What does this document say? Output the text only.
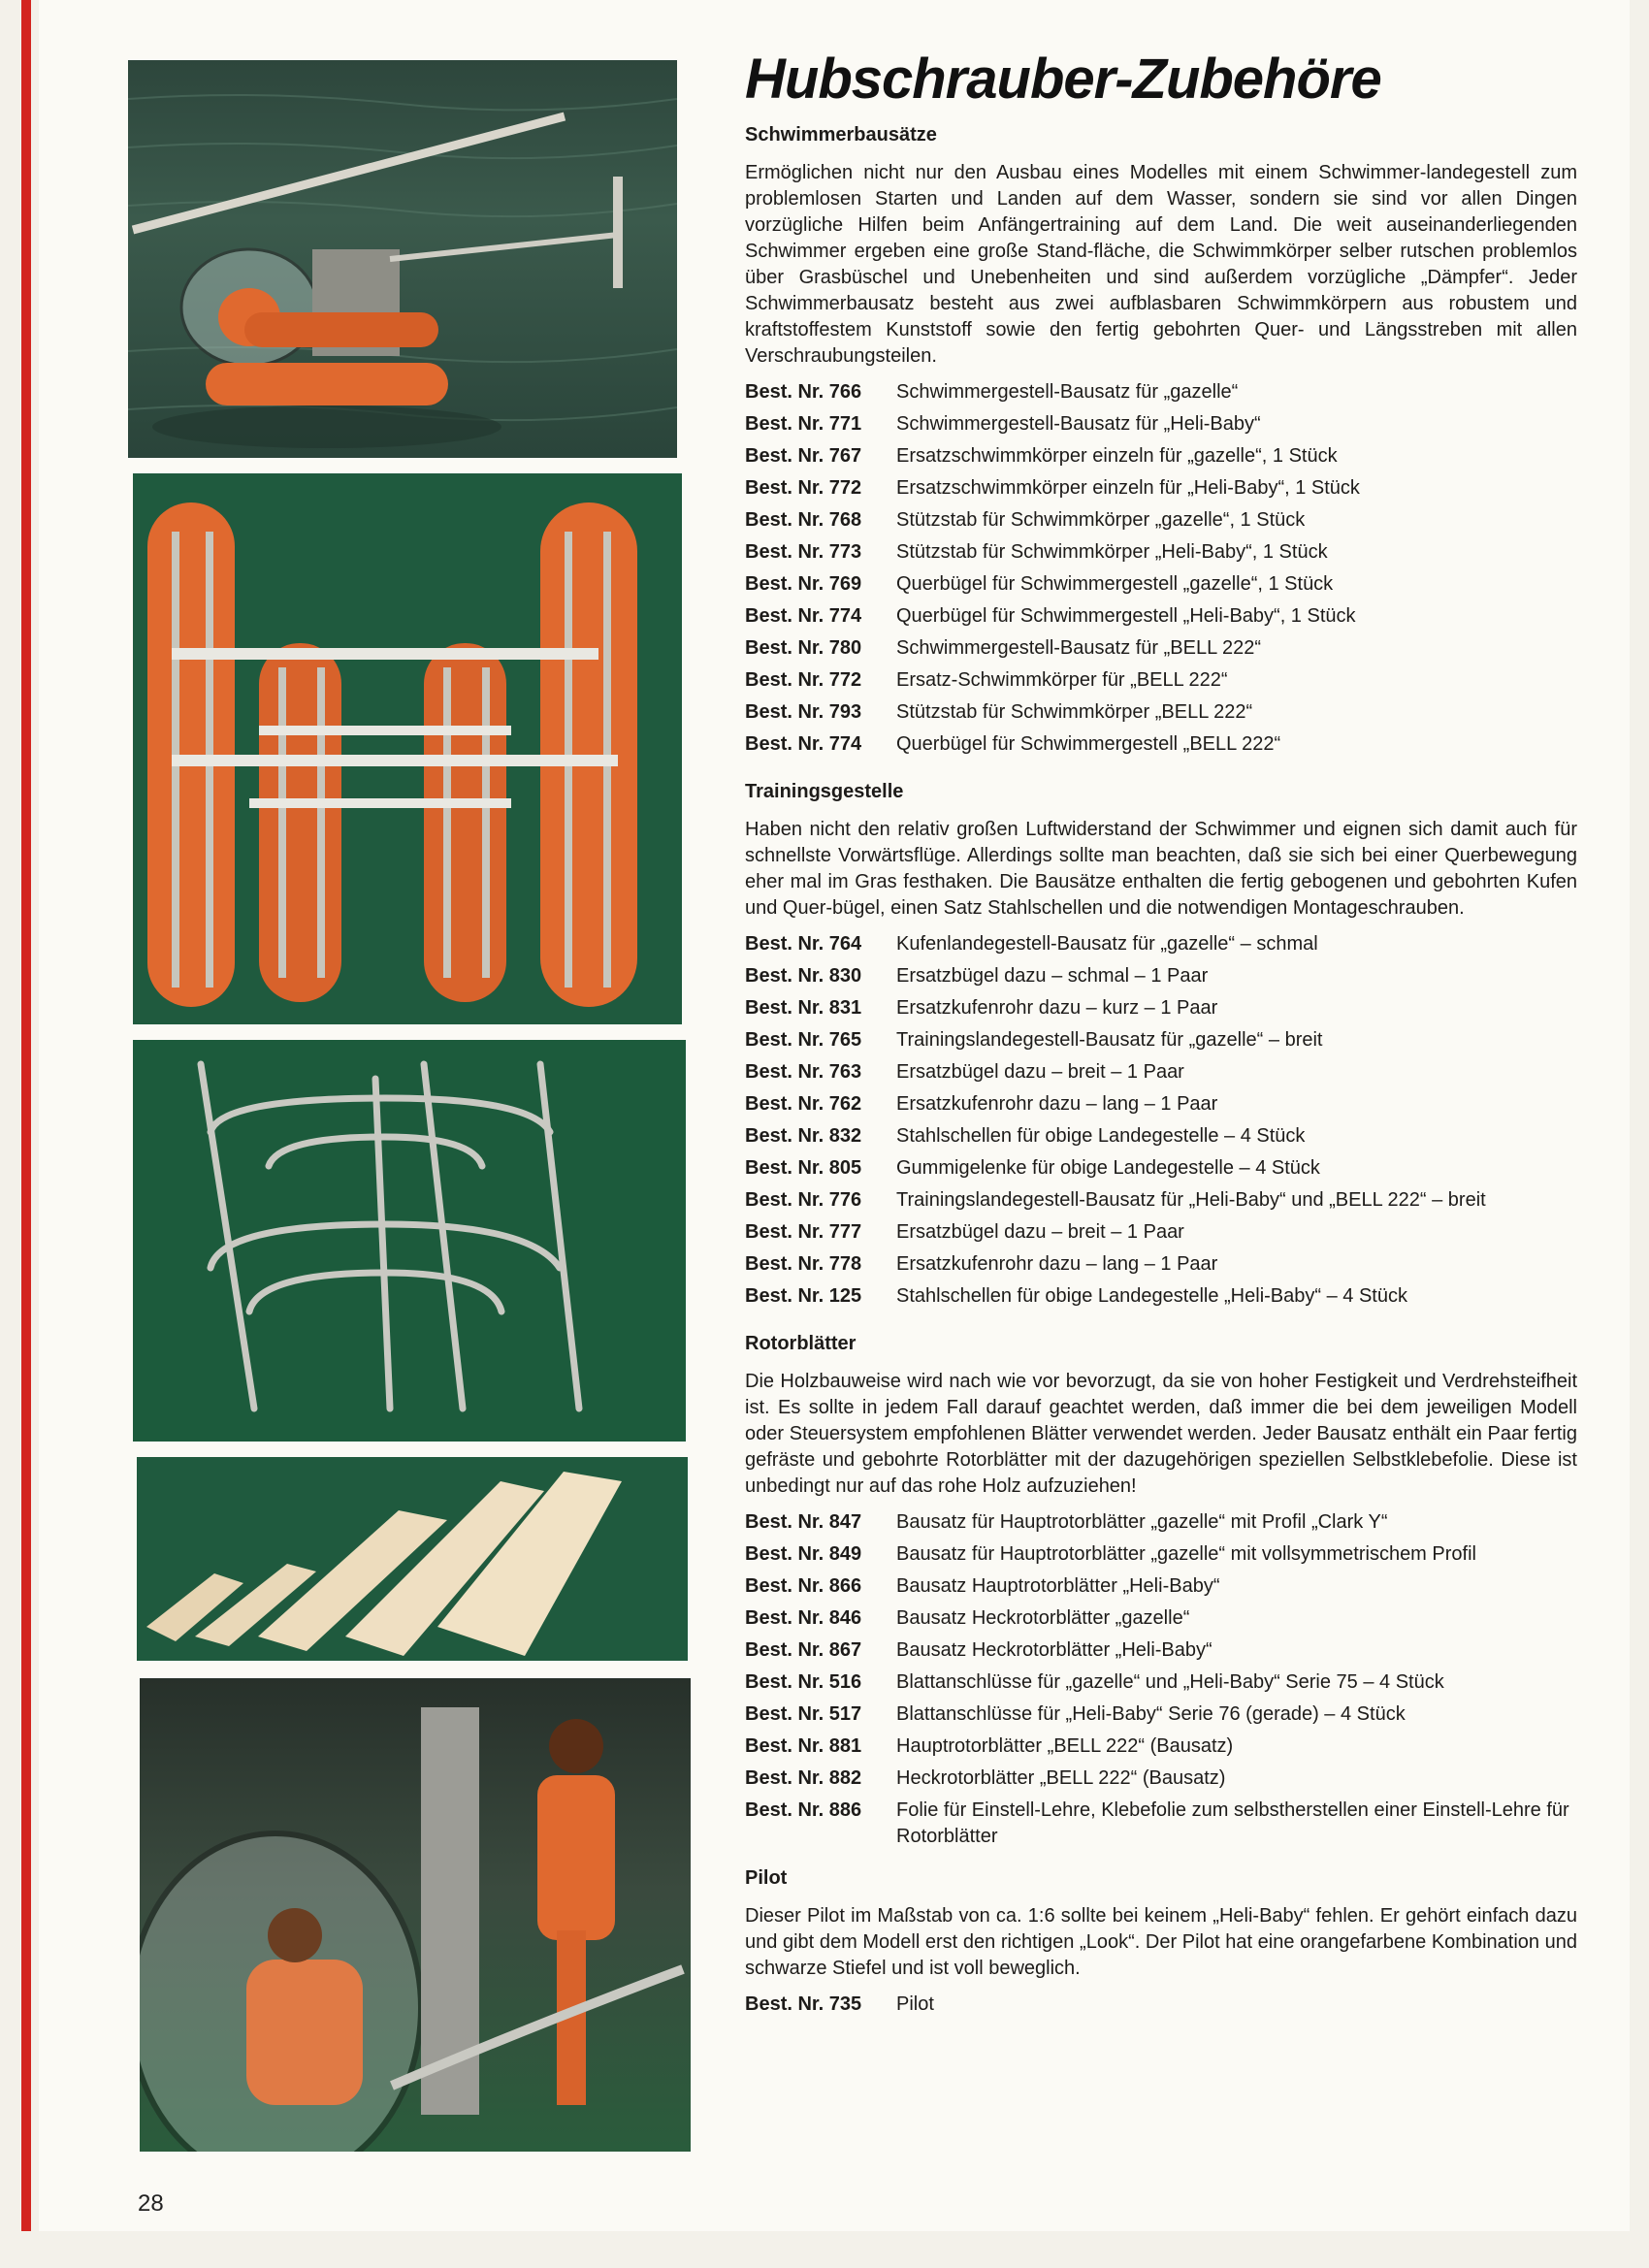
Hubschrauber-Zubehöre
Schwimmerbausätze

Ermöglichen nicht nur den Ausbau eines Modelles mit einem Schwimmer-landegestell zum problemlosen Starten und Landen auf dem Wasser, sondern sie sind vor allen Dingen vorzügliche Hilfen beim Anfängertraining auf dem Land. Die weit auseinanderliegenden Schwimmer ergeben eine große Stand-fläche, die Schwimmkörper selber rutschen problemlos über Grasbüschel und Unebenheiten und sind außerdem vorzügliche „Dämpfer“. Jeder Schwimmerbausatz besteht aus zwei aufblasbaren Schwimmkörpern aus robustem und kraftstoffestem Kunststoff sowie den fertig gebohrten Quer- und Längsstreben mit allen Verschraubungsteilen.

Best. Nr. 766	Schwimmergestell-Bausatz für „gazelle“
Best. Nr. 771	Schwimmergestell-Bausatz für „Heli-Baby“
Best. Nr. 767	Ersatzschwimmkörper einzeln für „gazelle“, 1 Stück
Best. Nr. 772	Ersatzschwimmkörper einzeln für „Heli-Baby“, 1 Stück
Best. Nr. 768	Stützstab für Schwimmkörper „gazelle“, 1 Stück
Best. Nr. 773	Stützstab für Schwimmkörper „Heli-Baby“, 1 Stück
Best. Nr. 769	Querbügel für Schwimmergestell „gazelle“, 1 Stück
Best. Nr. 774	Querbügel für Schwimmergestell „Heli-Baby“, 1 Stück
Best. Nr. 780	Schwimmergestell-Bausatz für „BELL 222“
Best. Nr. 772	Ersatz-Schwimmkörper für „BELL 222“
Best. Nr. 793	Stützstab für Schwimmkörper „BELL 222“
Best. Nr. 774	Querbügel für Schwimmergestell „BELL 222“
Trainingsgestelle

Haben nicht den relativ großen Luftwiderstand der Schwimmer und eignen sich damit auch für schnellste Vorwärtsflüge. Allerdings sollte man beachten, daß sie sich bei einer Querbewegung eher mal im Gras festhaken. Die Bausätze enthalten die fertig gebogenen und gebohrten Kufen und Quer-bügel, einen Satz Stahlschellen und die notwendigen Montageschrauben.

Best. Nr. 764	Kufenlandegestell-Bausatz für „gazelle“ – schmal
Best. Nr. 830	Ersatzbügel dazu – schmal – 1 Paar
Best. Nr. 831	Ersatzkufenrohr dazu – kurz – 1 Paar
Best. Nr. 765	Trainingslandegestell-Bausatz für „gazelle“ – breit
Best. Nr. 763	Ersatzbügel dazu – breit – 1 Paar
Best. Nr. 762	Ersatzkufenrohr dazu – lang – 1 Paar
Best. Nr. 832	Stahlschellen für obige Landegestelle – 4 Stück
Best. Nr. 805	Gummigelenke für obige Landegestelle – 4 Stück
Best. Nr. 776	Trainingslandegestell-Bausatz für „Heli-Baby“ und „BELL 222“ – breit
Best. Nr. 777	Ersatzbügel dazu – breit – 1 Paar
Best. Nr. 778	Ersatzkufenrohr dazu – lang – 1 Paar
Best. Nr. 125	Stahlschellen für obige Landegestelle „Heli-Baby“ – 4 Stück
Rotorblätter

Die Holzbauweise wird nach wie vor bevorzugt, da sie von hoher Festigkeit und Verdrehsteifheit ist. Es sollte in jedem Fall darauf geachtet werden, daß immer die bei dem jeweiligen Modell oder Steuersystem empfohlenen Blätter verwendet werden. Jeder Bausatz enthält ein Paar fertig gefräste und gebohrte Rotorblätter mit der dazugehörigen speziellen Selbstklebefolie. Diese ist unbedingt nur auf das rohe Holz aufzuziehen!

Best. Nr. 847	Bausatz für Hauptrotorblätter „gazelle“ mit Profil „Clark Y“
Best. Nr. 849	Bausatz für Hauptrotorblätter „gazelle“ mit vollsymmetrischem Profil
Best. Nr. 866	Bausatz Hauptrotorblätter „Heli-Baby“
Best. Nr. 846	Bausatz Heckrotorblätter „gazelle“
Best. Nr. 867	Bausatz Heckrotorblätter „Heli-Baby“
Best. Nr. 516	Blattanschlüsse für „gazelle“ und „Heli-Baby“ Serie 75 – 4 Stück
Best. Nr. 517	Blattanschlüsse für „Heli-Baby“ Serie 76 (gerade) – 4 Stück
Best. Nr. 881	Hauptrotorblätter „BELL 222“ (Bausatz)
Best. Nr. 882	Heckrotorblätter „BELL 222“ (Bausatz)
Best. Nr. 886	Folie für Einstell-Lehre, Klebefolie zum selbstherstellen einer Einstell-Lehre für Rotorblätter
Pilot

Dieser Pilot im Maßstab von ca. 1:6 sollte bei keinem „Heli-Baby“ fehlen. Er gehört einfach dazu und gibt dem Modell erst den richtigen „Look“. Der Pilot hat eine orangefarbene Kombination und schwarze Stiefel und ist voll beweglich.

Best. Nr. 735	Pilot
28
